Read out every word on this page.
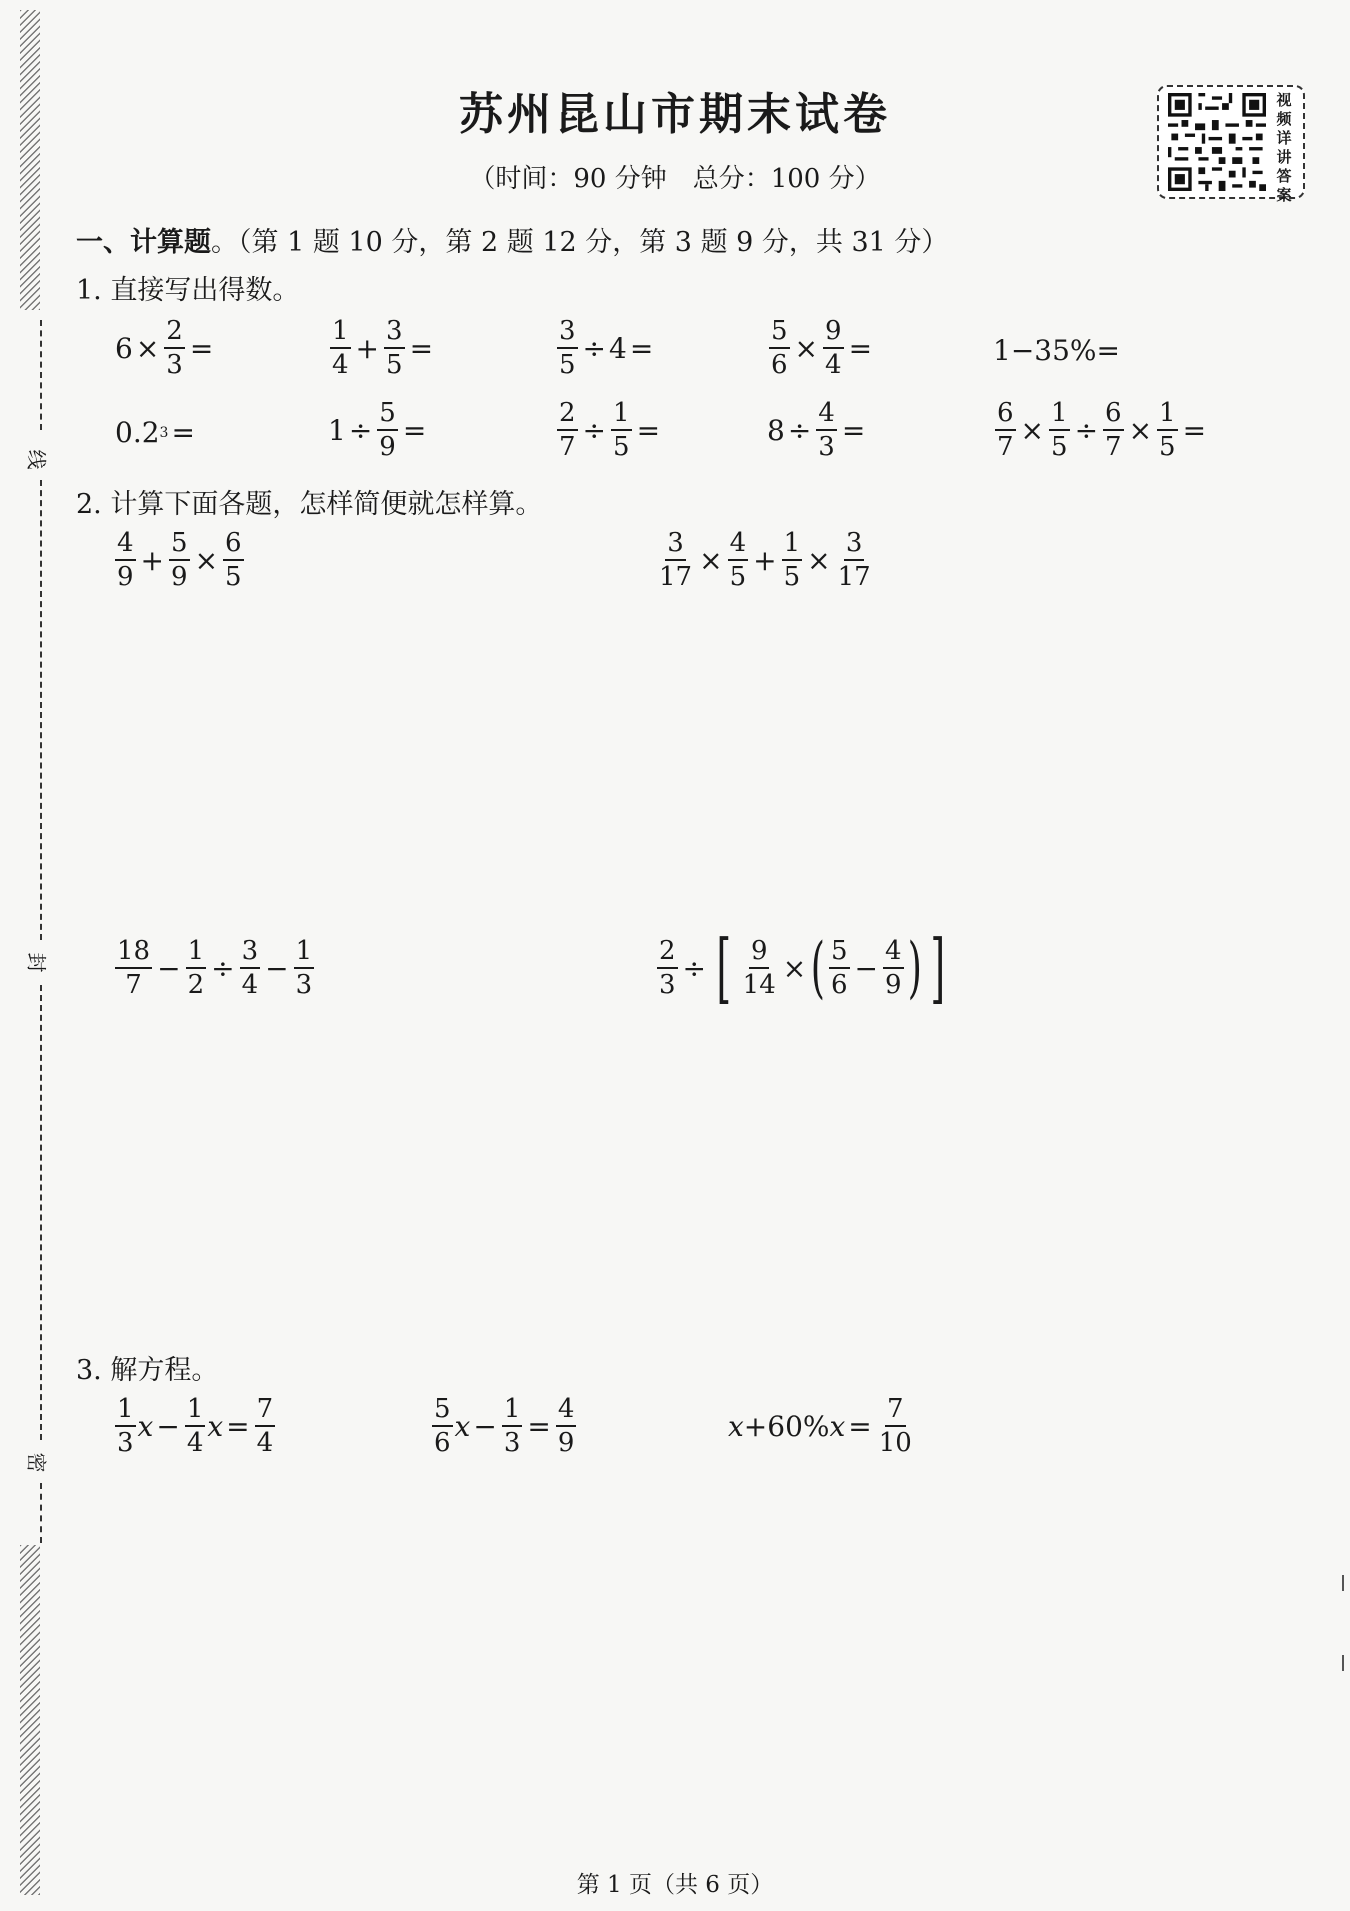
线
封
密
苏州昆山市期末试卷
（时间：90 分钟　总分：100 分）
视
频
详
讲
答
案
一、计算题。（第 1 题 10 分，第 2 题 12 分，第 3 题 9 分，共 31 分）
1. 直接写出得数。
$6 \times \frac{2}{3}$ =	$\frac{1}{4} + \frac{3}{5}$ =	$\frac{3}{5} \div 4$ =	$\frac{5}{6} \times \frac{9}{4}$ =	1−35%=
0.2 3 =	$1 \div \frac{5}{9}$ =	$\frac{2}{7} \div \frac{1}{5}$ =	$8 \div \frac{4}{3}$ =	$\frac{6}{7} \times \frac{1}{5} \div \frac{6}{7} \times \frac{1}{5}$ =
2. 计算下面各题，怎样简便就怎样算。
$\frac{4}{9} + \frac{5}{9} \times \frac{6}{5}$	$\frac{3}{17} \times \frac{4}{5} + \frac{1}{5} \times \frac{3}{17}$
$\frac{18}{7} - \frac{1}{2} \div \frac{3}{4} - \frac{1}{3}$	$\frac{2}{3}$ ÷ [ $\frac{9}{14}$ × ( $\frac{5}{6} - \frac{4}{9}$ ) ]
3. 解方程。
$\frac{1}{3}$ $x - \frac{1}{4}$ $x = \frac{7}{4}$	$\frac{5}{6}$ $x - \frac{1}{3} = \frac{4}{9}$	x +60% $x = \frac{7}{10}$
第 1 页（共 6 页）
